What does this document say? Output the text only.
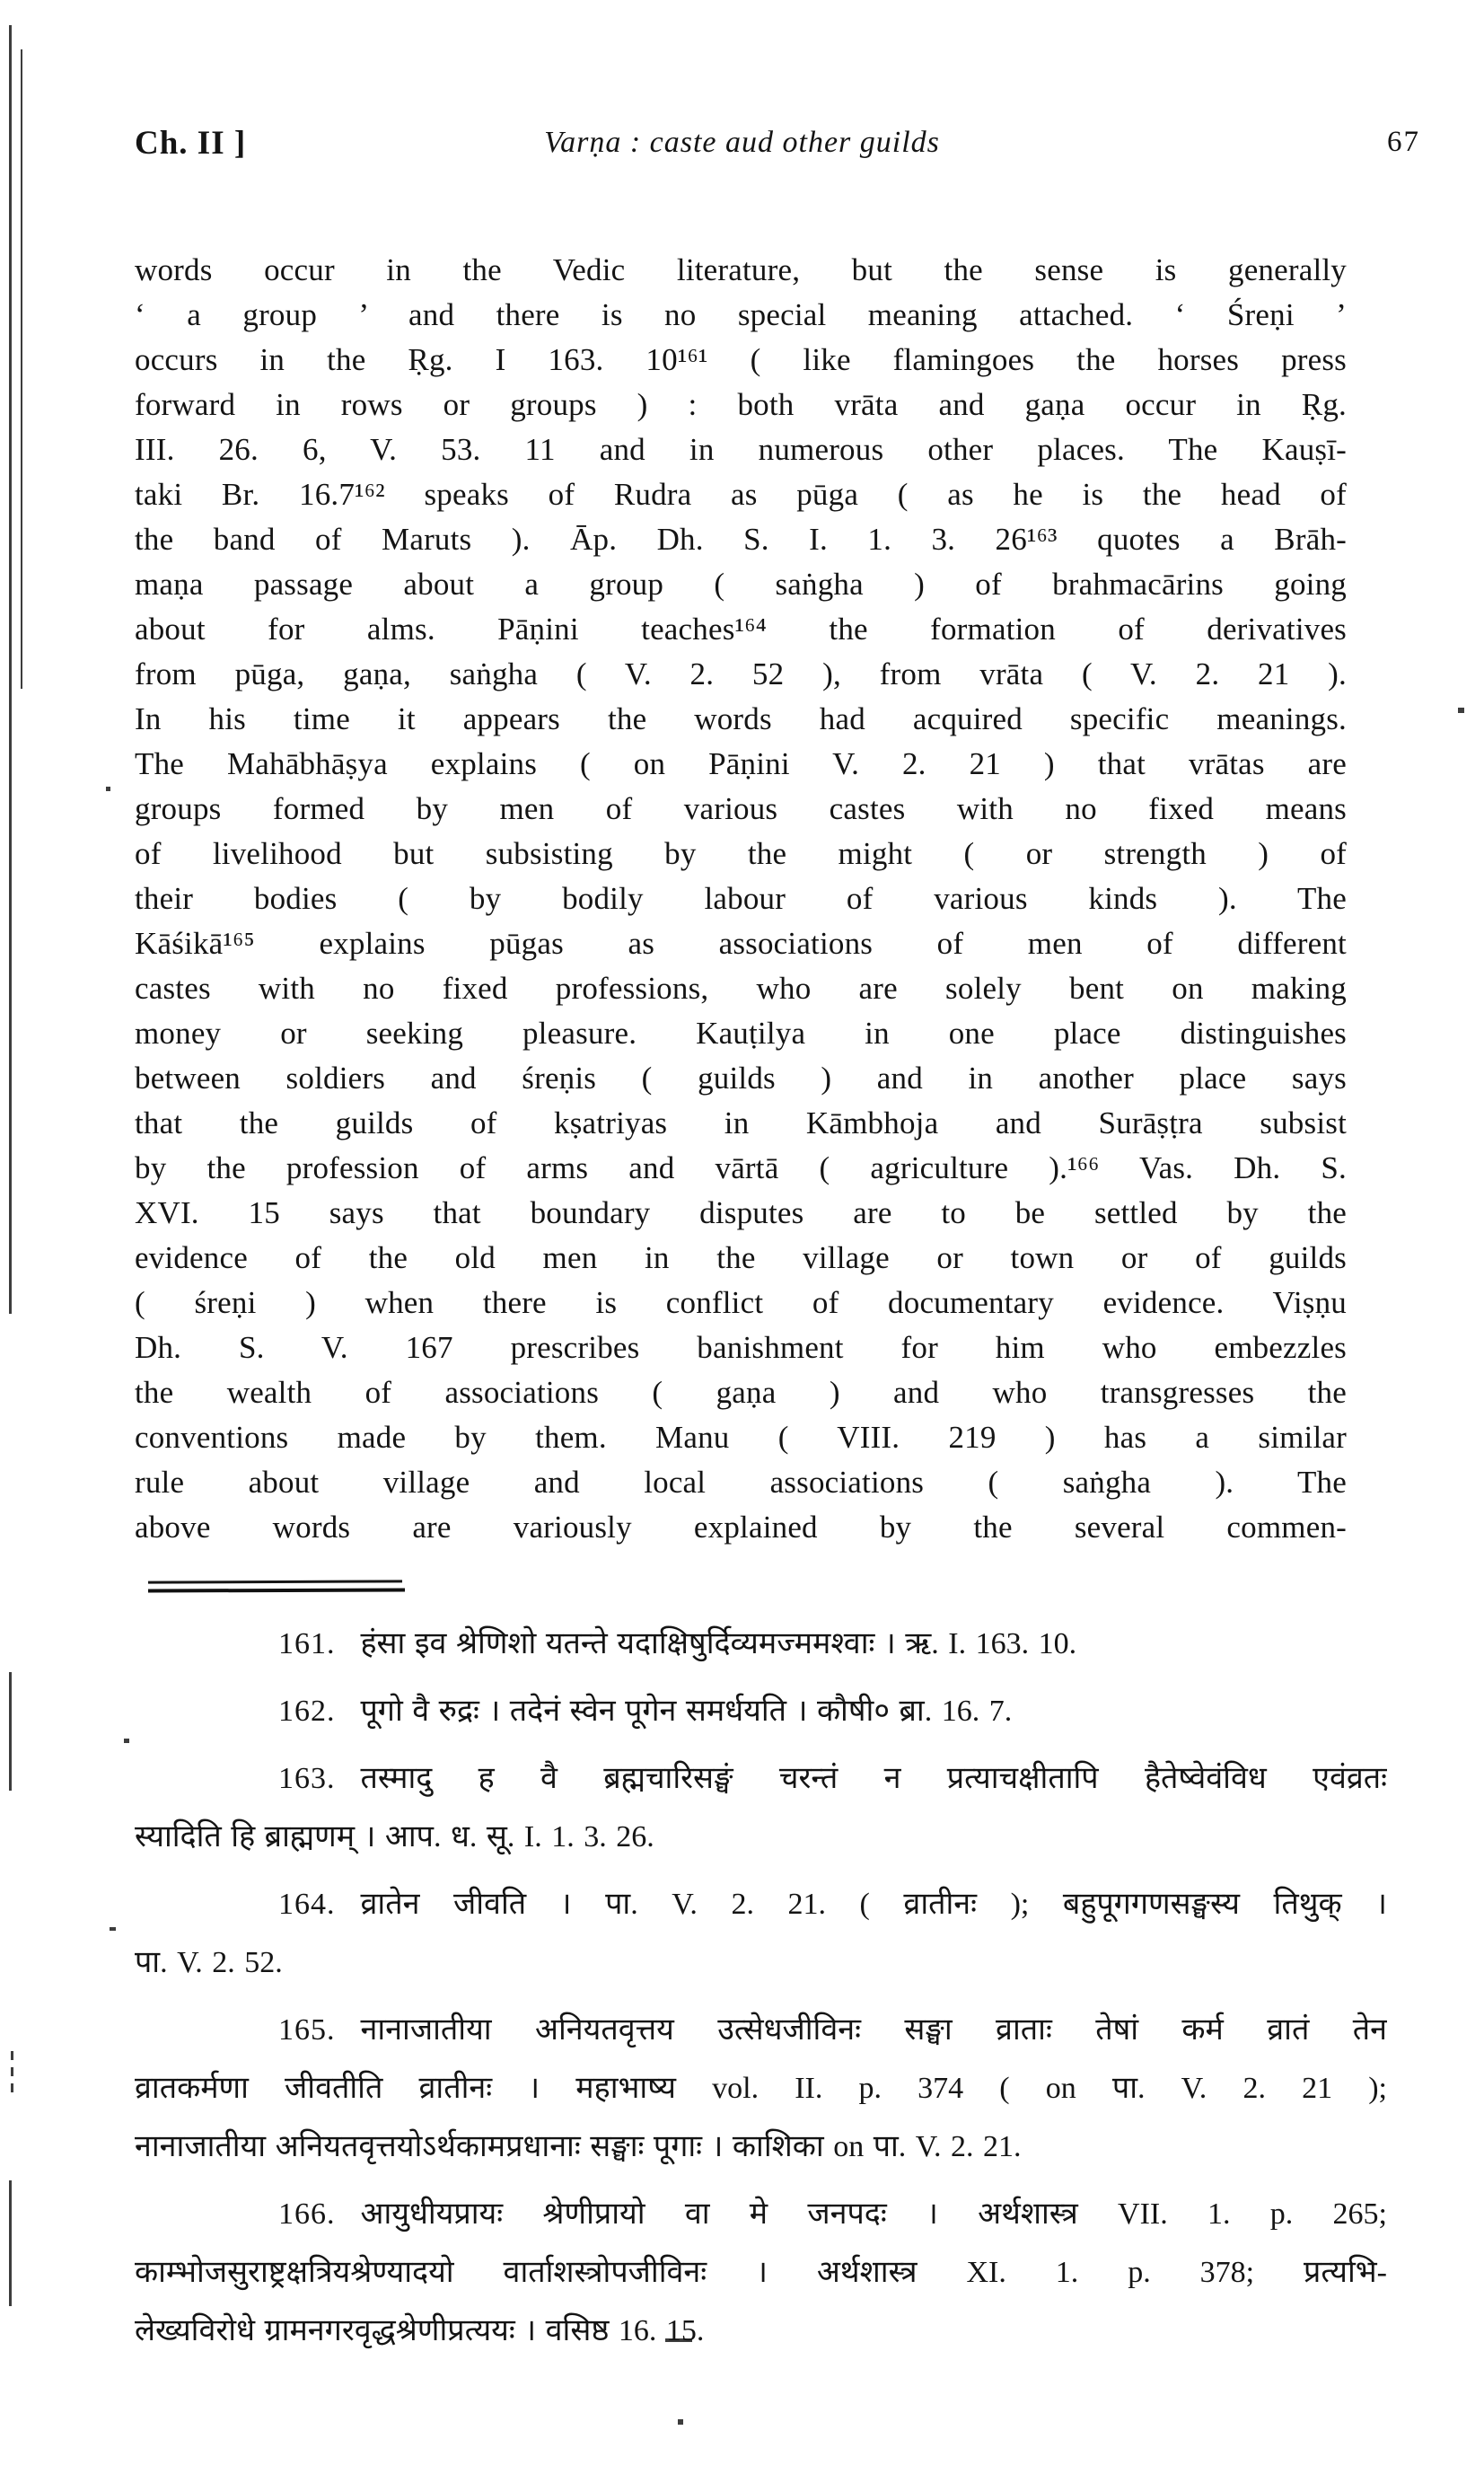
Ch. II ]	Varṇa : caste aud other guilds	67
words occur in the Vedic literature, but the sense is generally
‘ a group ’ and there is no special meaning attached. ‘ Śreṇi ’
occurs in the Ṛg. I 163. 10¹⁶¹ ( like flamingoes the horses press
forward in rows or groups ) : both vrāta and gaṇa occur in Ṛg.
III. 26. 6, V. 53. 11 and in numerous other places. The Kauṣī-
taki Br. 16.7¹⁶² speaks of Rudra as pūga ( as he is the head of
the band of Maruts ). Āp. Dh. S. I. 1. 3. 26¹⁶³ quotes a Brāh-
maṇa passage about a group ( saṅgha ) of brahmacārins going
about for alms. Pāṇini teaches¹⁶⁴ the formation of derivatives
from pūga, gaṇa, saṅgha ( V. 2. 52 ), from vrāta ( V. 2. 21 ).
In his time it appears the words had acquired specific meanings.
The Mahābhāṣya explains ( on Pāṇini V. 2. 21 ) that vrātas are
groups formed by men of various castes with no fixed means
of livelihood but subsisting by the might ( or strength ) of
their bodies ( by bodily labour of various kinds ). The
Kāśikā¹⁶⁵ explains pūgas as associations of men of different
castes with no fixed professions, who are solely bent on making
money or seeking pleasure. Kauṭilya in one place distinguishes
between soldiers and śreṇis ( guilds ) and in another place says
that the guilds of kṣatriyas in Kāmbhoja and Surāṣṭra subsist
by the profession of arms and vārtā ( agriculture ).¹⁶⁶ Vas. Dh. S.
XVI. 15 says that boundary disputes are to be settled by the
evidence of the old men in the village or town or of guilds
( śreṇi ) when there is conflict of documentary evidence. Viṣṇu
Dh. S. V. 167 prescribes banishment for him who embezzles
the wealth of associations ( gaṇa ) and who transgresses the
conventions made by them. Manu ( VIII. 219 ) has a similar
rule about village and local associations ( saṅgha ). The
above words are variously explained by the several commen-
161. हंसा इव श्रेणिशो यतन्ते यदाक्षिषुर्दिव्यमज्ममश्वाः । ऋ. I. 163. 10.
162. पूगो वै रुद्रः । तदेनं स्वेन पूगेन समर्धयति । कौषी० ब्रा. 16. 7.
163. तस्मादु ह वै ब्रह्मचारिसङ्घं चरन्तं न प्रत्याचक्षीतापि हैतेष्वेवंविध एवंव्रतः
स्यादिति हि ब्राह्मणम् । आप. ध. सू. I. 1. 3. 26.
164. व्रातेन जीवति । पा. V. 2. 21. ( व्रातीनः ); बहुपूगगणसङ्घस्य तिथुक् ।
पा. V. 2. 52.
165. नानाजातीया अनियतवृत्तय उत्सेधजीविनः सङ्घा व्राताः तेषां कर्म व्रातं तेन
व्रातकर्मणा जीवतीति व्रातीनः । महाभाष्य vol. II. p. 374 ( on पा. V. 2. 21 );
नानाजातीया अनियतवृत्तयोऽर्थकामप्रधानाः सङ्घाः पूगाः । काशिका on पा. V. 2. 21.
166. आयुधीयप्रायः श्रेणीप्रायो वा मे जनपदः । अर्थशास्त्र VII. 1. p. 265;
काम्भोजसुराष्ट्रक्षत्रियश्रेण्यादयो वार्ताशस्त्रोपजीविनः । अर्थशास्त्र XI. 1. p. 378; प्रत्यभि-
लेख्यविरोधे ग्रामनगरवृद्धश्रेणीप्रत्ययः । वसिष्ठ 16. 15.
